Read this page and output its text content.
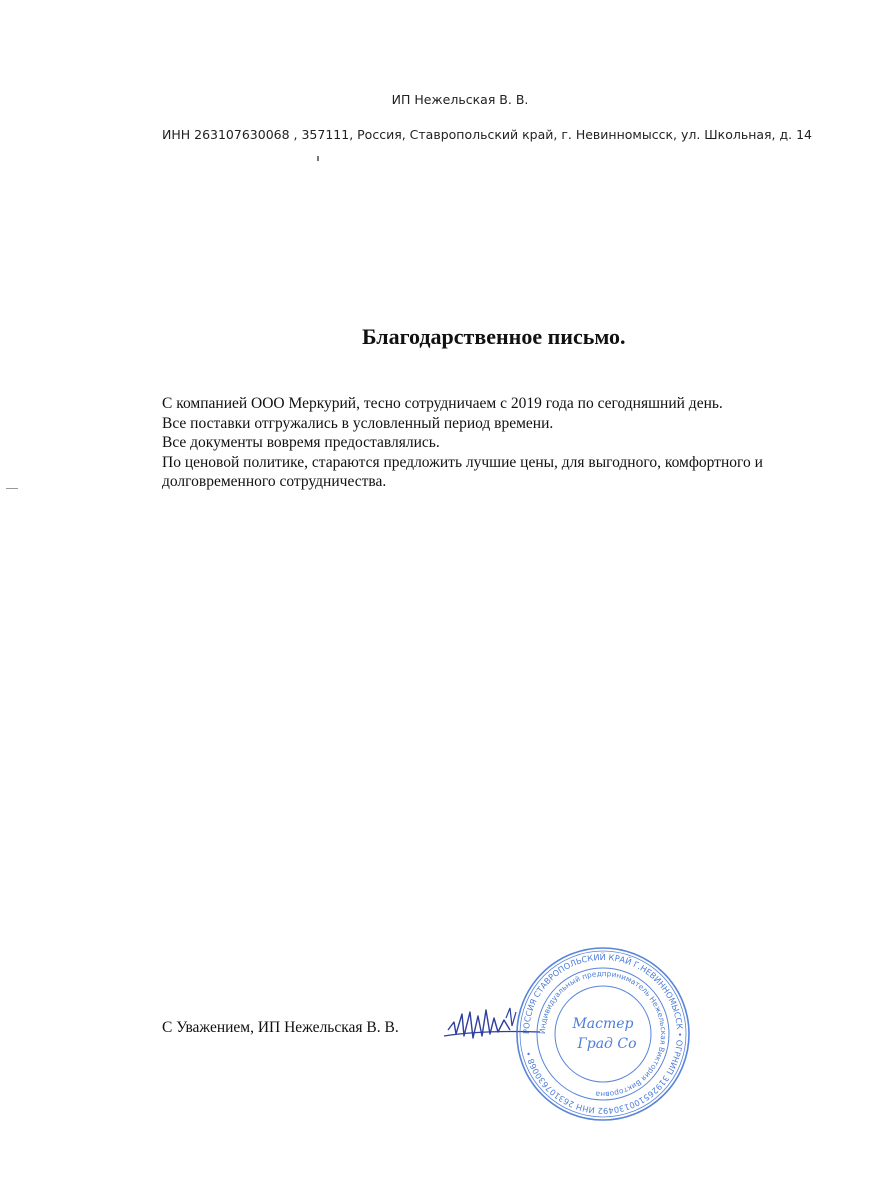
ИП Нежельская В. В.
ИНН 263107630068 , 357111, Россия, Ставропольский край, г. Невинномысск, ул. Школьная, д. 14
Благодарственное письмо.

С компанией ООО Меркурий, тесно сотрудничаем с 2019 года по сегодняшний день.

Все поставки отгружались в условленный период времени.

Все документы вовремя предоставлялись.

По ценовой политике, стараются предложить лучшие цены, для выгодного, комфортного и долговременного сотрудничества.

С Уважением, ИП Нежельская В. В.	РОССИЯ СТАВРОПОЛЬСКИЙ КРАЙ Г.НЕВИННОМЫССК • ОГРНИП 319265100130492 ИНН 263107630068 •
Индивидуальный предприниматель Нежельская Виктория Викторовна
Мастер
Град Со
